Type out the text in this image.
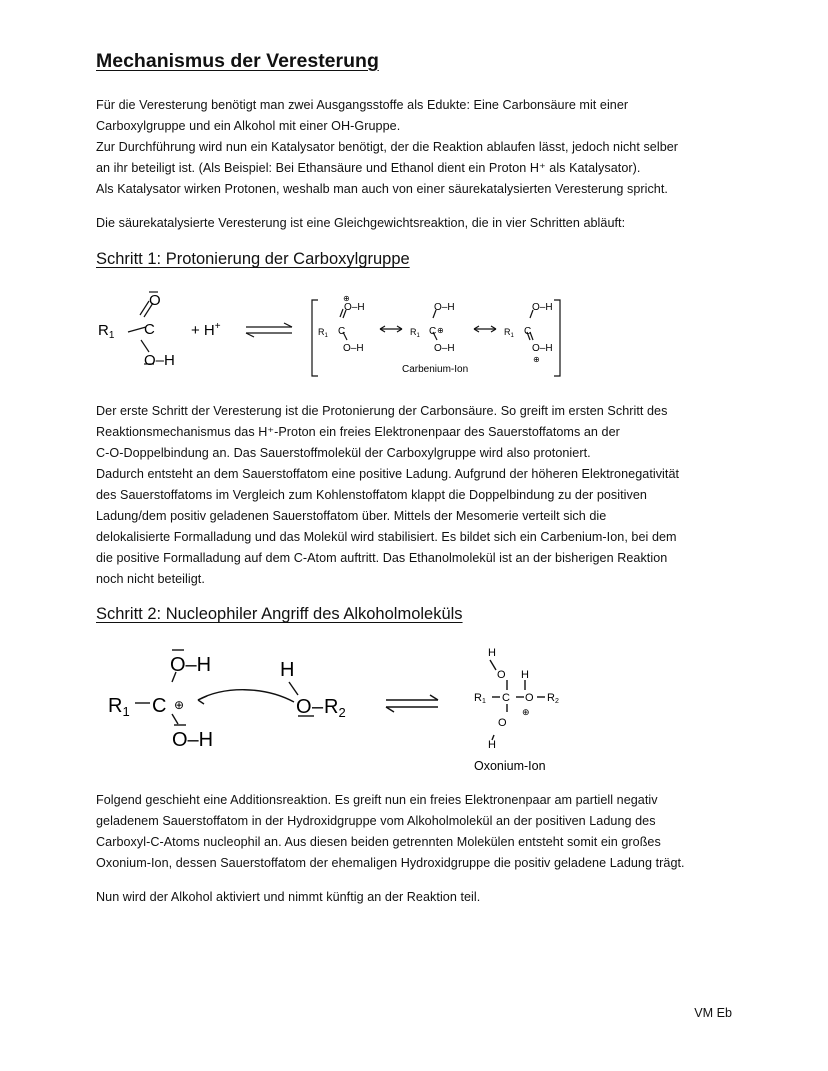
Mechanismus der Veresterung
Für die Veresterung benötigt man zwei Ausgangsstoffe als Edukte: Eine Carbonsäure mit einer
Carboxylgruppe und ein Alkohol mit einer OH-Gruppe.
Zur Durchführung wird nun ein Katalysator benötigt, der die Reaktion ablaufen lässt, jedoch nicht selber
an ihr beteiligt ist. (Als Beispiel: Bei Ethansäure und Ethanol dient ein Proton H⁺ als Katalysator).
Als Katalysator wirken Protonen, weshalb man auch von einer säurekatalysierten Veresterung spricht.
Die säurekatalysierte Veresterung ist eine Gleichgewichtsreaktion, die in vier Schritten abläuft:
Schritt 1: Protonierung der Carboxylgruppe
$R_1$ C
O
O–H
+ H+	$R_1$ C
O–H
⊕
O–H
$R_1$ C ⊕
O–H
O–H
$R_1$ C
O–H
O–H
⊕
Carbenium-Ion
Der erste Schritt der Veresterung ist die Protonierung der Carbonsäure. So greift im ersten Schritt des
Reaktionsmechanismus das H⁺-Proton ein freies Elektronenpaar des Sauerstoffatoms an der
C-O-Doppelbindung an. Das Sauerstoffmolekül der Carboxylgruppe wird also protoniert.
Dadurch entsteht an dem Sauerstoffatom eine positive Ladung. Aufgrund der höheren Elektronegativität
des Sauerstoffatoms im Vergleich zum Kohlenstoffatom klappt die Doppelbindung zu der positiven
Ladung/dem positiv geladenen Sauerstoffatom über. Mittels der Mesomerie verteilt sich die
delokalisierte Formalladung und das Molekül wird stabilisiert. Es bildet sich ein Carbenium-Ion, bei dem
die positive Formalladung auf dem C-Atom auftritt. Das Ethanolmolekül ist an der bisherigen Reaktion
noch nicht beteiligt.
Schritt 2: Nucleophiler Angriff des Alkoholmoleküls
$R_1$ C ⊕
O–H
O–H
H
O – $R_2$
H
O H
R1 C O R2
⊕
O
H
Oxonium-Ion
Folgend geschieht eine Additionsreaktion. Es greift nun ein freies Elektronenpaar am partiell negativ
geladenem Sauerstoffatom in der Hydroxidgruppe vom Alkoholmolekül an der positiven Ladung des
Carboxyl-C-Atoms nucleophil an. Aus diesen beiden getrennten Molekülen entsteht somit ein großes
Oxonium-Ion, dessen Sauerstoffatom der ehemaligen Hydroxidgruppe die positiv geladene Ladung trägt.
Nun wird der Alkohol aktiviert und nimmt künftig an der Reaktion teil.
VM Eb
